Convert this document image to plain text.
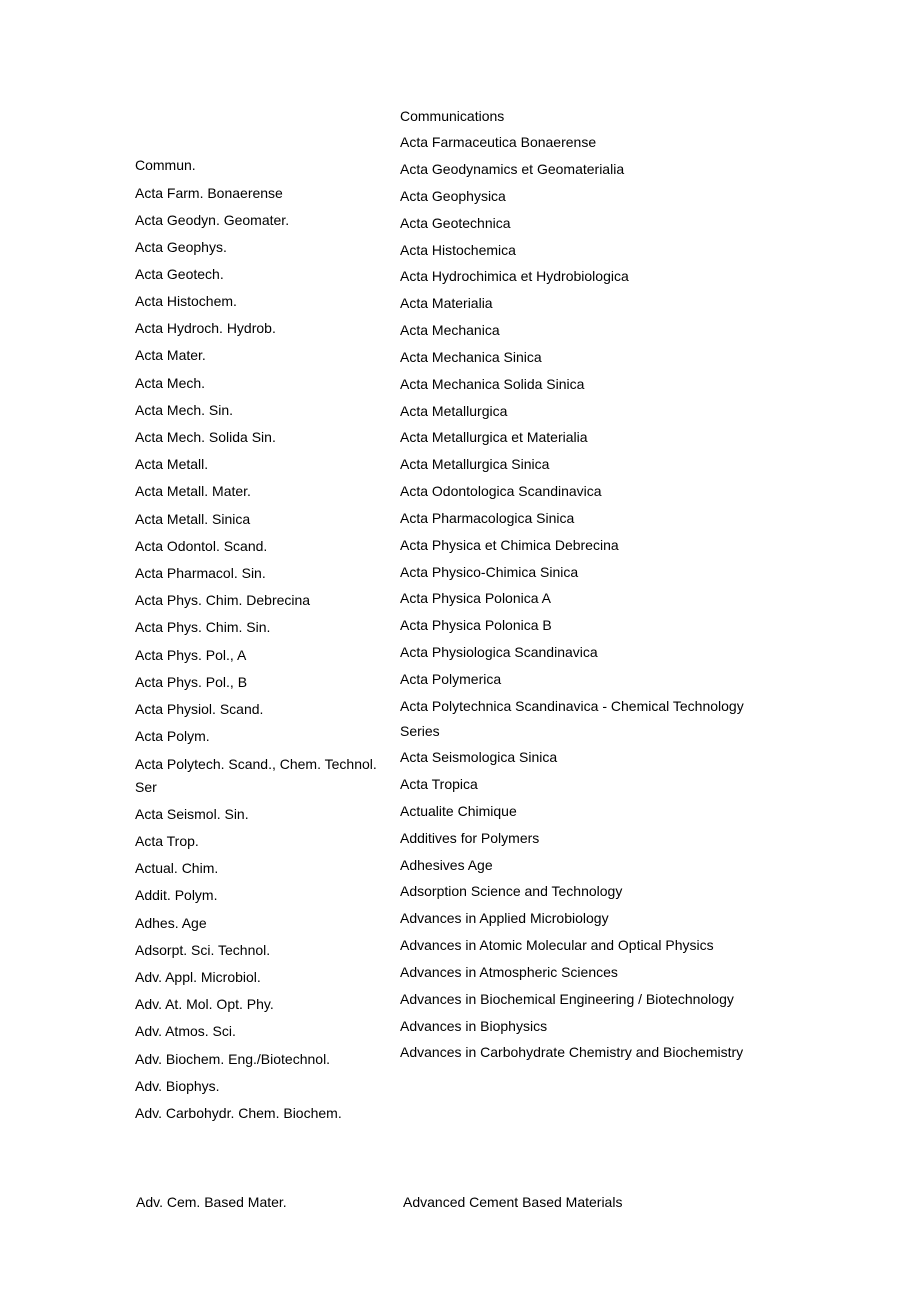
Commun.
Acta Farm. Bonaerense
Acta Geodyn. Geomater.
Acta Geophys.
Acta Geotech.
Acta Histochem.
Acta Hydroch. Hydrob.
Acta Mater.
Acta Mech.
Acta Mech. Sin.
Acta Mech. Solida Sin.
Acta Metall.
Acta Metall. Mater.
Acta Metall. Sinica
Acta Odontol. Scand.
Acta Pharmacol. Sin.
Acta Phys. Chim. Debrecina
Acta Phys. Chim. Sin.
Acta Phys. Pol., A
Acta Phys. Pol., B
Acta Physiol. Scand.
Acta Polym.
Acta Polytech. Scand., Chem. Technol. Ser
Acta Seismol. Sin.
Acta Trop.
Actual. Chim.
Addit. Polym.
Adhes. Age
Adsorpt. Sci. Technol.
Adv. Appl. Microbiol.
Adv. At. Mol. Opt. Phy.
Adv. Atmos. Sci.
Adv. Biochem. Eng./Biotechnol.
Adv. Biophys.
Adv. Carbohydr. Chem. Biochem.
Communications
Acta Farmaceutica Bonaerense
Acta Geodynamics et Geomaterialia
Acta Geophysica
Acta Geotechnica
Acta Histochemica
Acta Hydrochimica et Hydrobiologica
Acta Materialia
Acta Mechanica
Acta Mechanica Sinica
Acta Mechanica Solida Sinica
Acta Metallurgica
Acta Metallurgica et Materialia
Acta Metallurgica Sinica
Acta Odontologica Scandinavica
Acta Pharmacologica Sinica
Acta Physica et Chimica Debrecina
Acta Physico-Chimica Sinica
Acta Physica Polonica A
Acta Physica Polonica B
Acta Physiologica Scandinavica
Acta Polymerica
Acta Polytechnica Scandinavica - Chemical Technology Series
Acta Seismologica Sinica
Acta Tropica
Actualite Chimique
Additives for Polymers
Adhesives Age
Adsorption Science and Technology
Advances in Applied Microbiology
Advances in Atomic Molecular and Optical Physics
Advances in Atmospheric Sciences
Advances in Biochemical Engineering / Biotechnology
Advances in Biophysics
Advances in Carbohydrate Chemistry and Biochemistry
Adv. Cem. Based Mater.	Advanced Cement Based Materials
